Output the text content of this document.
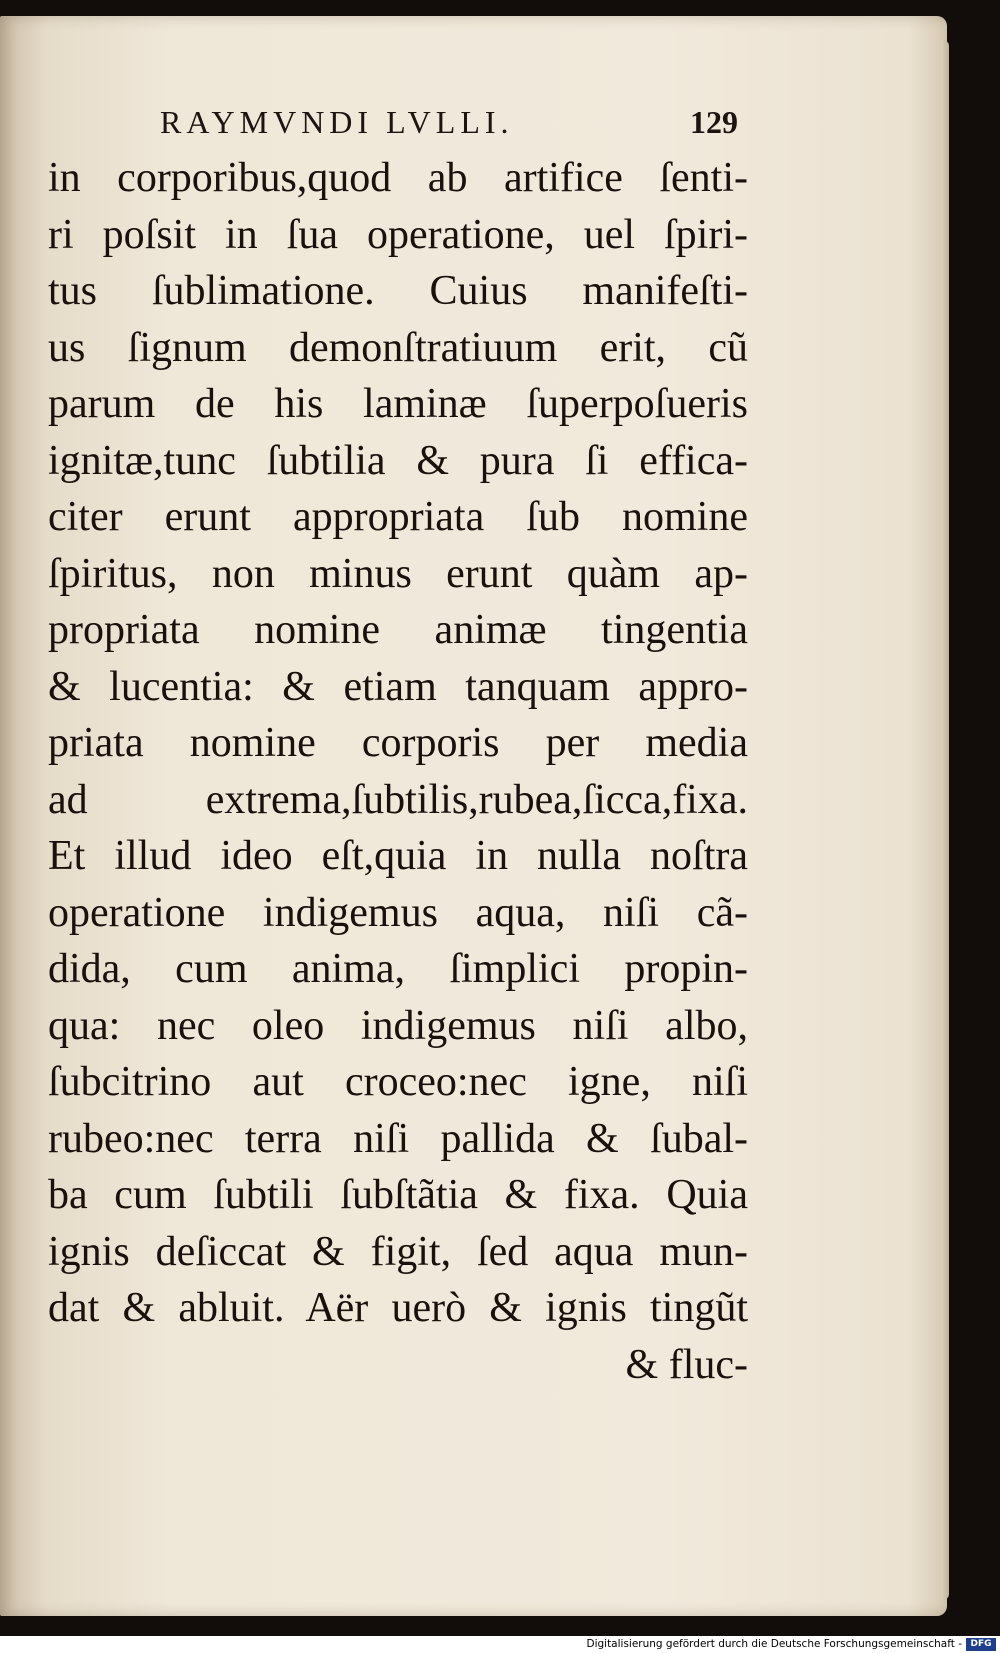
RAYMVNDI LVLLI.	129
in corporibus,quod ab artifice ſenti-
ri poſsit in ſua operatione, uel ſpiri-
tus ſublimatione. Cuius manifeſti-
us ſignum demonſtratiuum erit, cũ
parum de his laminæ ſuperpoſueris
ignitæ,tunc ſubtilia & pura ſi effica-
citer erunt appropriata ſub nomine
ſpiritus, non minus erunt quàm ap-
propriata nomine animæ tingentia
& lucentia: & etiam tanquam appro-
priata nomine corporis per media
ad extrema,ſubtilis,rubea,ſicca,fixa.
Et illud ideo eſt,quia in nulla noſtra
operatione indigemus aqua, niſi cã-
dida, cum anima, ſimplici propin-
qua: nec oleo indigemus niſi albo,
ſubcitrino aut croceo:nec igne, niſi
rubeo:nec terra niſi pallida & ſubal-
ba cum ſubtili ſubſtãtia & fixa. Quia
ignis deſiccat & figit, ſed aqua mun-
dat & abluit. Aër uerò & ignis tingũt
& fluc-
Digitalisierung gefördert durch die Deutsche Forschungsgemeinschaft - DFG
